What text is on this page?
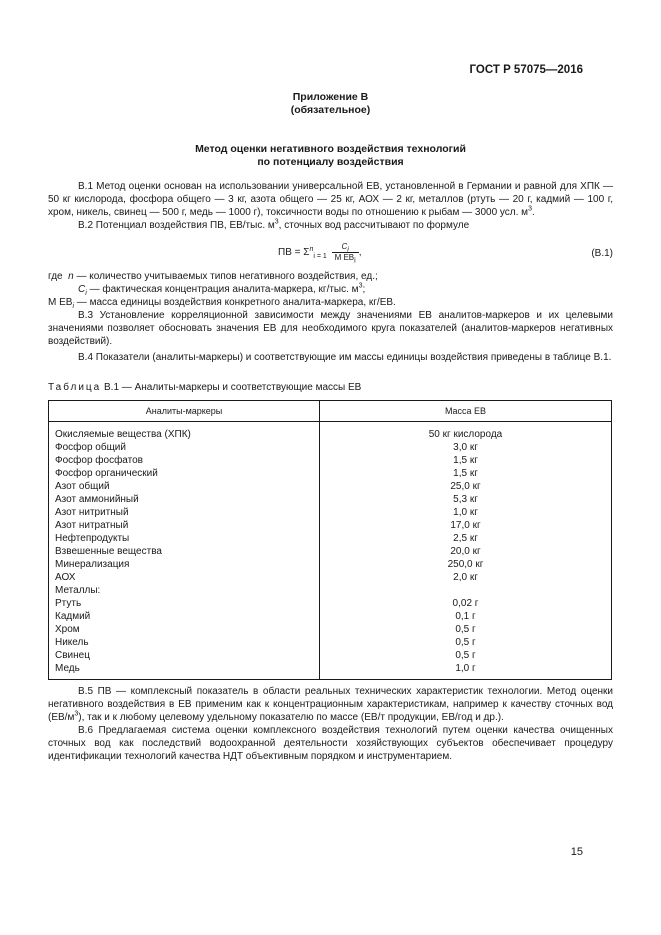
ГОСТ Р 57075—2016
Приложение В
(обязательное)
Метод оценки негативного воздействия технологий
по потенциалу воздействия

В.1 Метод оценки основан на использовании универсальной ЕВ, установленной в Германии и равной для ХПК — 50 кг кислорода, фосфора общего — 3 кг, азота общего — 25 кг, АОХ — 2 кг, металлов (ртуть — 20 г, кадмий — 100 г, хром, никель, свинец — 500 г, медь — 1000 г), токсичности воды по отношению к рыбам — 3000 усл. $м^3$.

В.2 Потенциал воздействия ПВ, ЕВ/тыс. $м^3$, сточных вод рассчитывают по формуле

ПВ = $\Sigma^n_{i = 1} \frac{C_i}{М ЕВ_i}$ ,	(В.1)
где n — количество учитываемых типов негативного воздействия, ед.;
$C_i$ — фактическая концентрация аналита-маркера, кг/тыс. $м^3$;
М $ЕВ_i$ — масса единицы воздействия конкретного аналита-маркера, кг/ЕВ.

В.3 Установление корреляционной зависимости между значениями ЕВ аналитов-маркеров и их целевыми значениями позволяет обосновать значения ЕВ для необходимого круга показателей (аналитов-маркеров негативных воздействий).

В.4 Показатели (аналиты-маркеры) и соответствующие им массы единицы воздействия приведены в таблице В.1.

Таблица В.1 — Аналиты-маркеры и соответствующие массы ЕВ
Аналиты-маркеры	Масса ЕВ
Окисляемые вещества (ХПК)	50 кг кислорода
Фосфор общий	3,0 кг
Фосфор фосфатов	1,5 кг
Фосфор органический	1,5 кг
Азот общий	25,0 кг
Азот аммонийный	5,3 кг
Азот нитритный	1,0 кг
Азот нитратный	17,0 кг
Нефтепродукты	2,5 кг
Взвешенные вещества	20,0 кг
Минерализация	250,0 кг
АОХ	2,0 кг
Металлы:	
Ртуть	0,02 г
Кадмий	0,1 г
Хром	0,5 г
Никель	0,5 г
Свинец	0,5 г
Медь	1,0 г

В.5 ПВ — комплексный показатель в области реальных технических характеристик технологии. Метод оценки негативного воздействия в ЕВ применим как к концентрационным характеристикам, например к качеству сточных вод $(ЕВ/м^3)$, так и к любому целевому удельному показателю по массе (ЕВ/т продукции, ЕВ/год и др.).

В.6 Предлагаемая система оценки комплексного воздействия технологий путем оценки качества очищенных сточных вод как последствий водоохранной деятельности хозяйствующих субъектов обеспечивает процедуру идентификации технологий качества НДТ объективным порядком и инструментарием.

15
